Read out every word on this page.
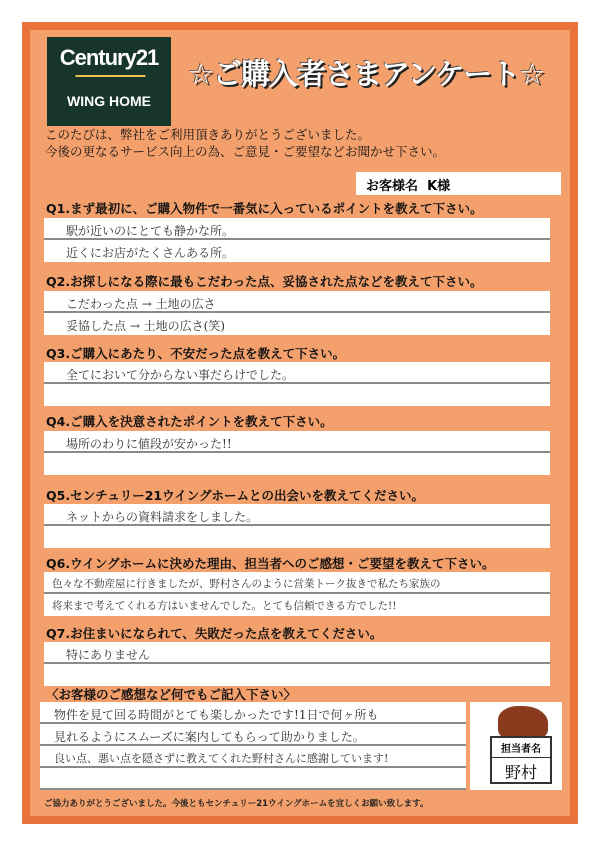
Century21
WING HOME
☆ご購入者さまアンケート☆
このたびは、弊社をご利用頂きありがとうございました。
今後の更なるサービス向上の為、ご意見・ご要望などお聞かせ下さい。
お客様名 K様
Q1.まず最初に、ご購入物件で一番気に入っているポイントを教えて下さい。
駅が近いのにとても静かな所。
近くにお店がたくさんある所。
Q2.お探しになる際に最もこだわった点、妥協された点などを教えて下さい。
こだわった点 → 土地の広さ
妥協した点 → 土地の広さ(笑)
Q3.ご購入にあたり、不安だった点を教えて下さい。
全てにおいて分からない事だらけでした。
Q4.ご購入を決意されたポイントを教えて下さい。
場所のわりに値段が安かった!!
Q5.センチュリー21ウイングホームとの出会いを教えてください。
ネットからの資料請求をしました。
Q6.ウイングホームに決めた理由、担当者へのご感想・ご要望を教えて下さい。
色々な不動産屋に行きましたが、野村さんのように営業トーク抜きで私たち家族の
将来まで考えてくれる方はいませんでした。とても信頼できる方でした!!
Q7.お住まいになられて、失敗だった点を教えてください。
特にありません
〈お客様のご感想など何でもご記入下さい〉
物件を見て回る時間がとても楽しかったです!1日で何ヶ所も
見れるようにスムーズに案内してもらって助かりました。
良い点、悪い点を隠さずに教えてくれた野村さんに感謝しています!
担当者名
野村
ご協力ありがとうございました。今後ともセンチュリー21ウイングホームを宜しくお願い致します。
